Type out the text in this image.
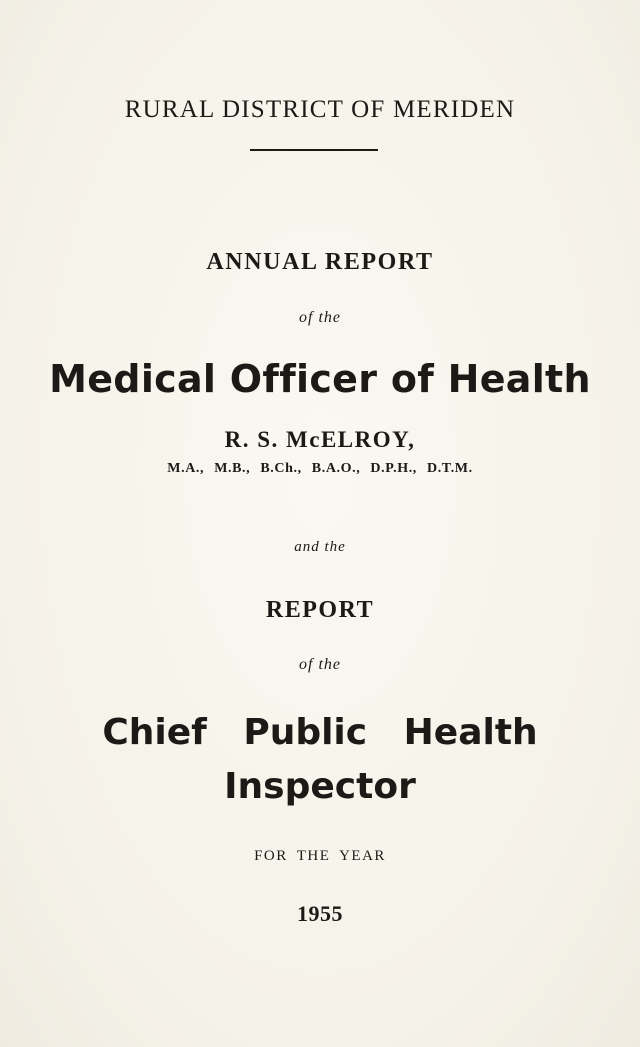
RURAL DISTRICT OF MERIDEN
ANNUAL REPORT
of the
Medical Officer of Health
R. S. McELROY,
M.A., M.B., B.Ch., B.A.O., D.P.H., D.T.M.
and the
REPORT
of the
Chief Public Health
Inspector
FOR THE YEAR
1955
